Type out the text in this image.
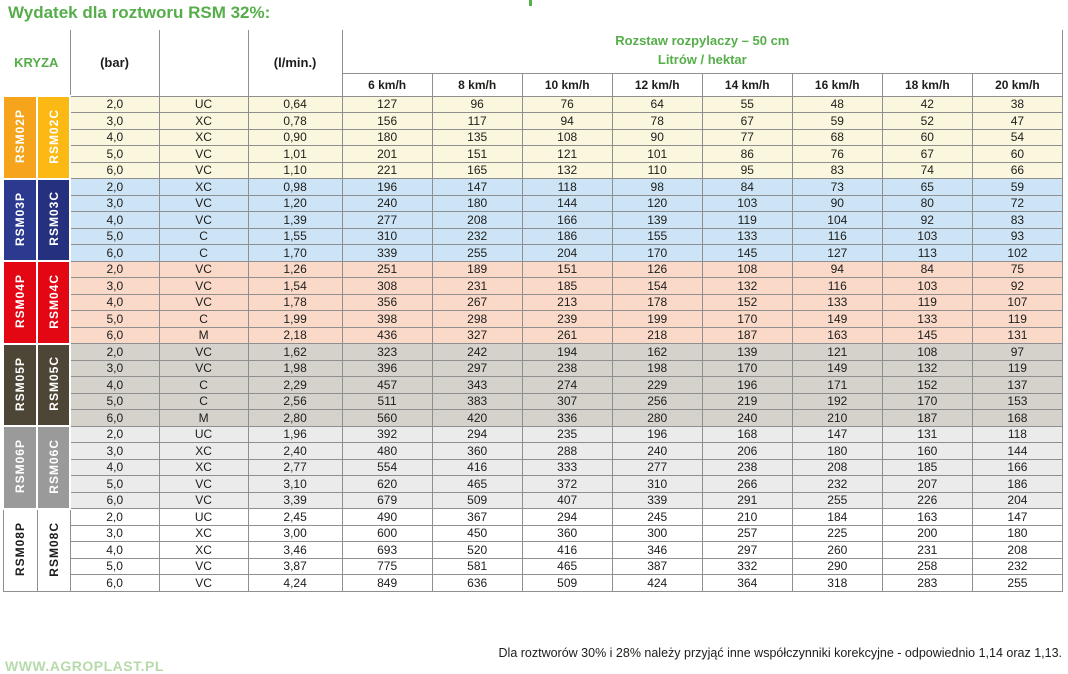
Wydatek dla roztworu RSM 32%:
KRYZA		(bar)		(l/min.)	Rozstaw rozpylaczy – 50 cm
Litrów / hektar							

					6 km/h	8 km/h	10 km/h	12 km/h	14 km/h	16 km/h	18 km/h	20 km/h
RSM02P	RSM02C	2,0	UC	0,64	127	96	76	64	55	48	42	38
		3,0	XC	0,78	156	117	94	78	67	59	52	47
		4,0	XC	0,90	180	135	108	90	77	68	60	54
		5,0	VC	1,01	201	151	121	101	86	76	67	60
		6,0	VC	1,10	221	165	132	110	95	83	74	66
RSM03P	RSM03C	2,0	XC	0,98	196	147	118	98	84	73	65	59
		3,0	VC	1,20	240	180	144	120	103	90	80	72
		4,0	VC	1,39	277	208	166	139	119	104	92	83
		5,0	C	1,55	310	232	186	155	133	116	103	93
		6,0	C	1,70	339	255	204	170	145	127	113	102
RSM04P	RSM04C	2,0	VC	1,26	251	189	151	126	108	94	84	75
		3,0	VC	1,54	308	231	185	154	132	116	103	92
		4,0	VC	1,78	356	267	213	178	152	133	119	107
		5,0	C	1,99	398	298	239	199	170	149	133	119
		6,0	M	2,18	436	327	261	218	187	163	145	131
RSM05P	RSM05C	2,0	VC	1,62	323	242	194	162	139	121	108	97
		3,0	VC	1,98	396	297	238	198	170	149	132	119
		4,0	C	2,29	457	343	274	229	196	171	152	137
		5,0	C	2,56	511	383	307	256	219	192	170	153
		6,0	M	2,80	560	420	336	280	240	210	187	168
RSM06P	RSM06C	2,0	UC	1,96	392	294	235	196	168	147	131	118
		3,0	XC	2,40	480	360	288	240	206	180	160	144
		4,0	XC	2,77	554	416	333	277	238	208	185	166
		5,0	VC	3,10	620	465	372	310	266	232	207	186
		6,0	VC	3,39	679	509	407	339	291	255	226	204
RSM08P	RSM08C	2,0	UC	2,45	490	367	294	245	210	184	163	147
		3,0	XC	3,00	600	450	360	300	257	225	200	180
		4,0	XC	3,46	693	520	416	346	297	260	231	208
		5,0	VC	3,87	775	581	465	387	332	290	258	232
		6,0	VC	4,24	849	636	509	424	364	318	283	255
Dla roztworów 30% i 28% należy przyjąć inne współczynniki korekcyjne - odpowiednio 1,14 oraz 1,13.
WWW.AGROPLAST.PL
